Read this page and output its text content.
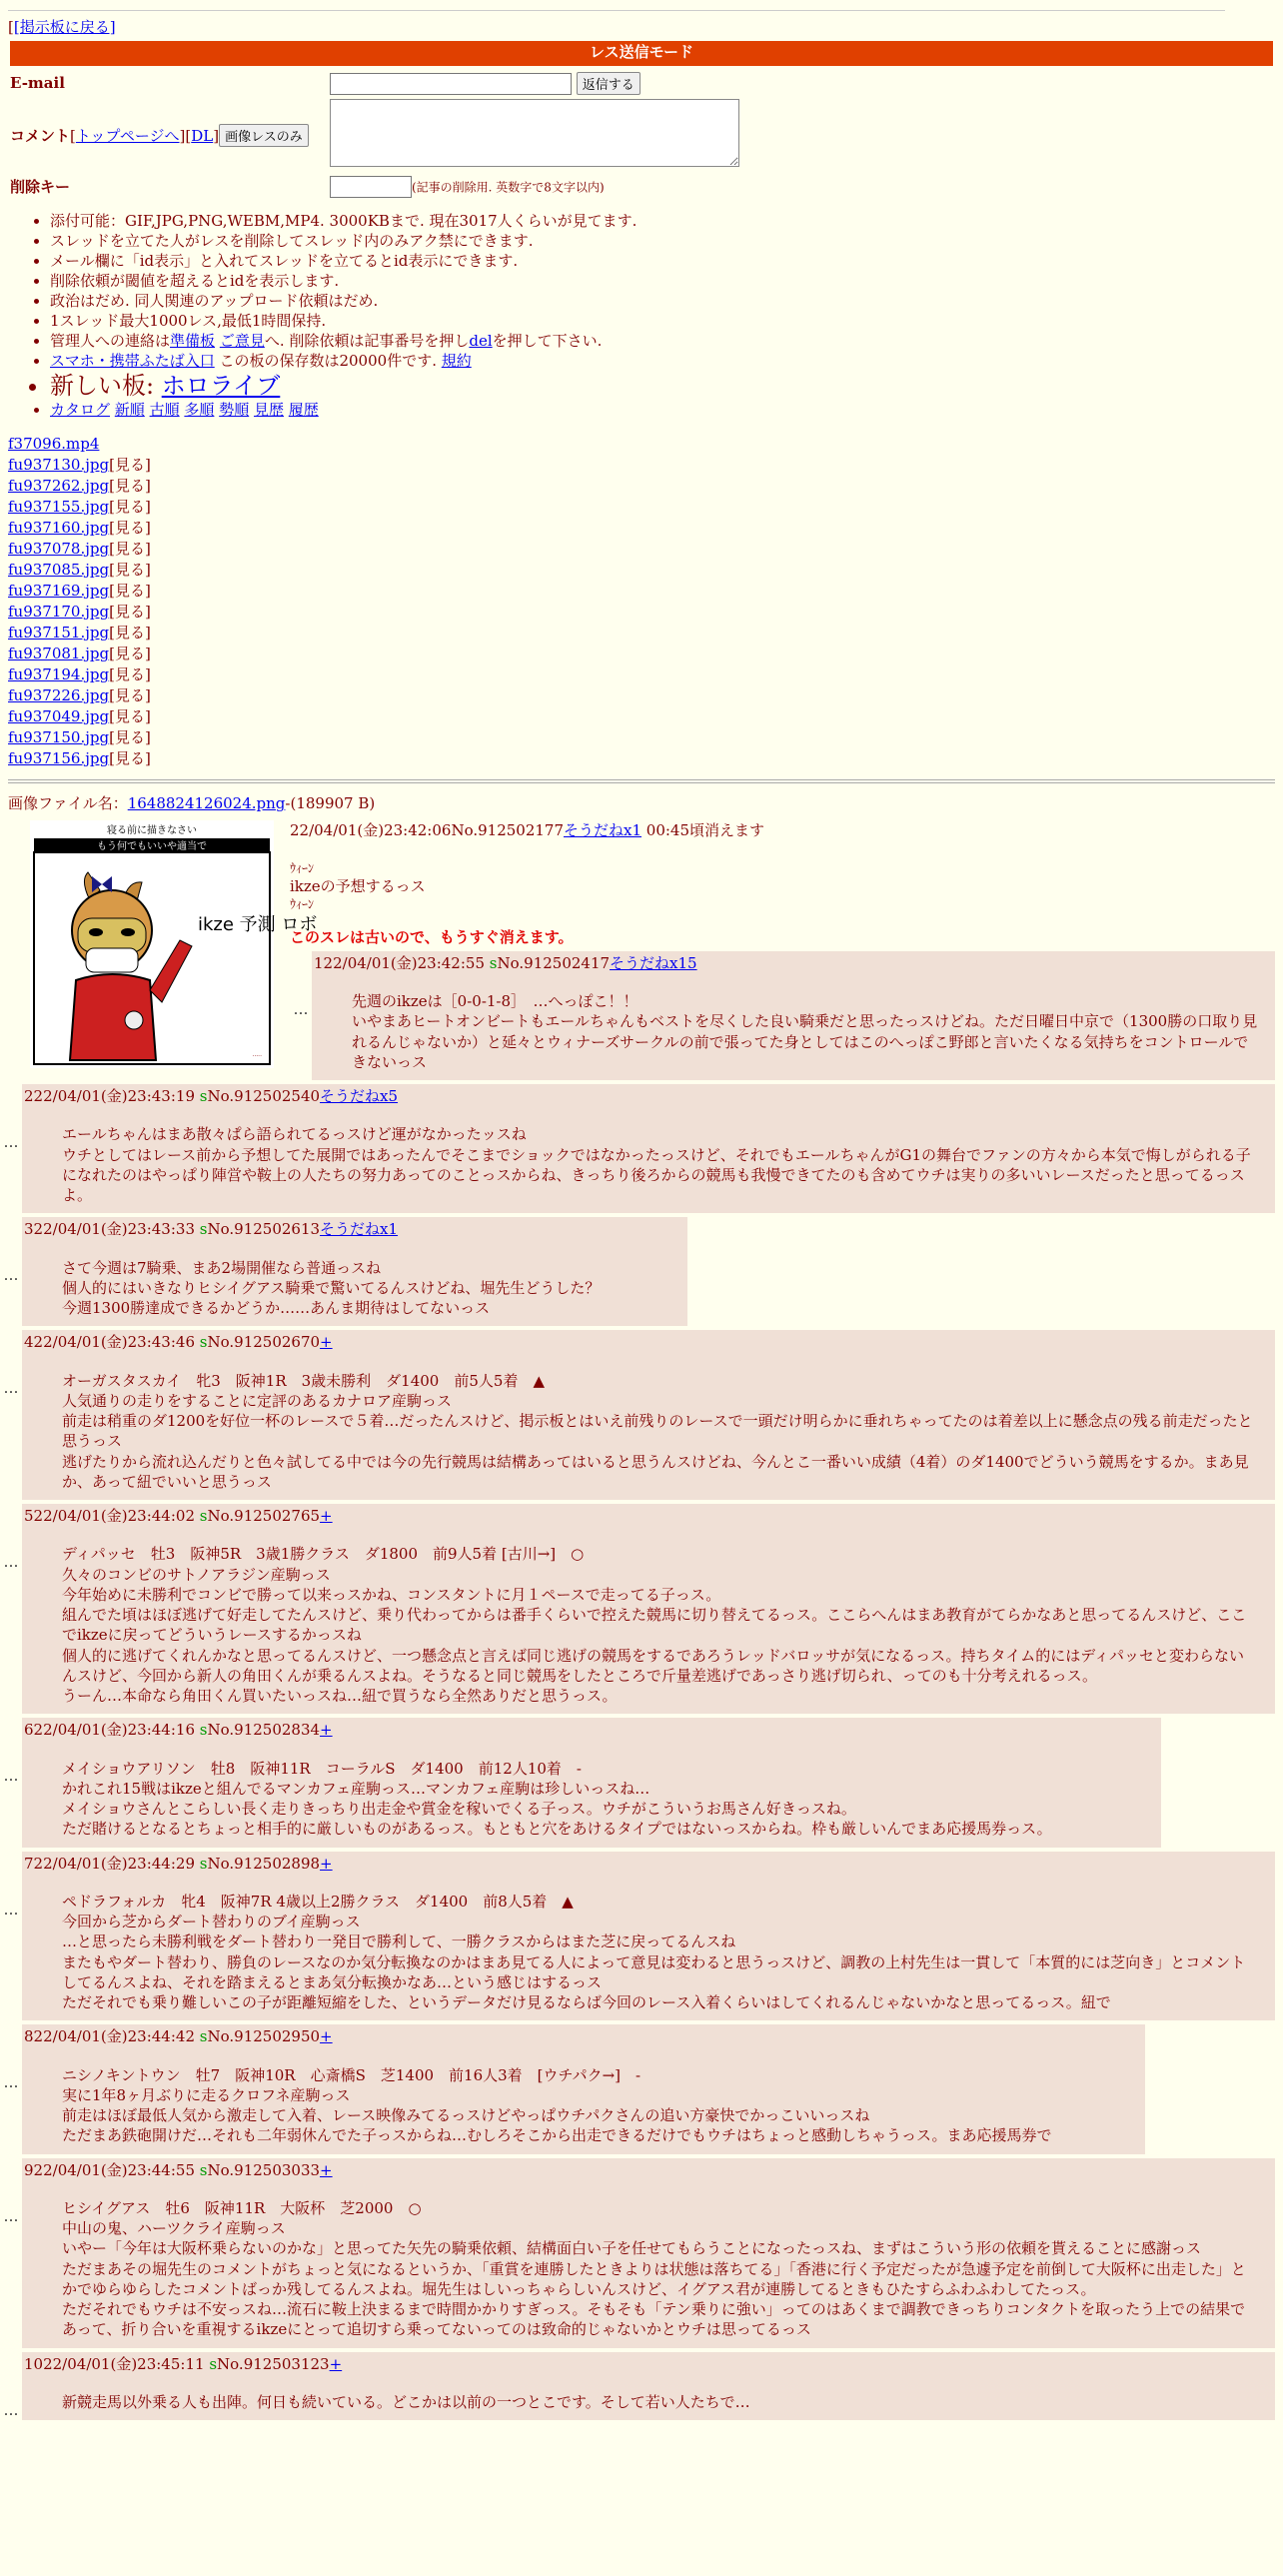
[[掲示板に戻る]
レス送信モード
E-mail	返信する
コメント[トップページへ][DL] 画像レスのみ	
削除キー	(記事の削除用. 英数字で8文字以内)
• 添付可能：GIF,JPG,PNG,WEBM,MP4. 3000KBまで. 現在3017人くらいが見てます.
• スレッドを立てた人がレスを削除してスレッド内のみアク禁にできます.
• メール欄に「id表示」と入れてスレッドを立てるとid表示にできます.
• 削除依頼が閾値を超えるとidを表示します.
• 政治はだめ. 同人関連のアップロード依頼はだめ.
• 1スレッド最大1000レス,最低1時間保持.
• 管理人への連絡は準備板 ご意見へ. 削除依頼は記事番号を押しdelを押して下さい.
• スマホ・携帯ふたば入口 この板の保存数は20000件です. 規約
• 新しい板: ホロライブ
• カタログ 新順 古順 多順 勢順 見歴 履歴
f37096.mp4
fu937130.jpg[見る]
fu937262.jpg[見る]
fu937155.jpg[見る]
fu937160.jpg[見る]
fu937078.jpg[見る]
fu937085.jpg[見る]
fu937169.jpg[見る]
fu937170.jpg[見る]
fu937151.jpg[見る]
fu937081.jpg[見る]
fu937194.jpg[見る]
fu937226.jpg[見る]
fu937049.jpg[見る]
fu937150.jpg[見る]
fu937156.jpg[見る]
画像ファイル名：1648824126024.png-(189907 B)
寝る前に描きなさい
もう何でもいいや適当で
ikze 予測 ロボ
·····
22/04/01(金)23:42:06No.912502177そうだねx1 00:45頃消えます
ｳｨｰﾝ
ikzeの予想するっス
ｳｨｰﾝ
このスレは古いので、もうすぐ消えます。
…
122/04/01(金)23:42:55 sNo.912502417そうだねx15
先週のikzeは［0-0-1-8］　…へっぽこ！！
いやまあヒートオンビートもエールちゃんもベストを尽くした良い騎乗だと思ったっスけどね。ただ日曜日中京で（1300勝の口取り見れるんじゃないか）と延々とウィナーズサークルの前で張ってた身としてはこのへっぽこ野郎と言いたくなる気持ちをコントロールできないっス
…
222/04/01(金)23:43:19 sNo.912502540そうだねx5
エールちゃんはまあ散々ぱら語られてるっスけど運がなかったッスね
ウチとしてはレース前から予想してた展開ではあったんでそこまでショックではなかったっスけど、それでもエールちゃんがG1の舞台でファンの方々から本気で悔しがられる子になれたのはやっぱり陣営や鞍上の人たちの努力あってのことっスからね、きっちり後ろからの競馬も我慢できてたのも含めてウチは実りの多いいレースだったと思ってるっスよ。
…
322/04/01(金)23:43:33 sNo.912502613そうだねx1
さて今週は7騎乗、まあ2場開催なら普通っスね
個人的にはいきなりヒシイグアス騎乗で驚いてるんスけどね、堀先生どうした？
今週1300勝達成できるかどうか……あんま期待はしてないっス
…
422/04/01(金)23:43:46 sNo.912502670+
オーガスタスカイ　牝3　阪神1R　3歳未勝利　ダ1400　前5人5着　▲
人気通りの走りをすることに定評のあるカナロア産駒っス
前走は稍重のダ1200を好位一杯のレースで５着…だったんスけど、掲示板とはいえ前残りのレースで一頭だけ明らかに垂れちゃってたのは着差以上に懸念点の残る前走だったと思うっス
逃げたりから流れ込んだりと色々試してる中では今の先行競馬は結構あってはいると思うんスけどね、今んとこ一番いい成績（4着）のダ1400でどういう競馬をするか。まあ見か、あって紐でいいと思うっス
…
522/04/01(金)23:44:02 sNo.912502765+
ディパッセ　牡3　阪神5R　3歳1勝クラス　ダ1800　前9人5着 [古川→]　○
久々のコンビのサトノアラジン産駒っス
今年始めに未勝利でコンビで勝って以来っスかね、コンスタントに月１ペースで走ってる子っス。
組んでた頃はほぼ逃げて好走してたんスけど、乗り代わってからは番手くらいで控えた競馬に切り替えてるっス。ここらへんはまあ教育がてらかなあと思ってるんスけど、ここでikzeに戻ってどういうレースするかっスね
個人的に逃げてくれんかなと思ってるんスけど、一つ懸念点と言えば同じ逃げの競馬をするであろうレッドバロッサが気になるっス。持ちタイム的にはディパッセと変わらないんスけど、今回から新人の角田くんが乗るんスよね。そうなると同じ競馬をしたところで斤量差逃げであっさり逃げ切られ、ってのも十分考えれるっス。
うーん…本命なら角田くん買いたいっスね…紐で買うなら全然ありだと思うっス。
…
622/04/01(金)23:44:16 sNo.912502834+
メイショウアリソン　牡8　阪神11R　コーラルS　ダ1400　前12人10着　-
かれこれ15戦はikzeと組んでるマンカフェ産駒っス…マンカフェ産駒は珍しいっスね…
メイショウさんとこらしい長く走りきっちり出走金や賞金を稼いでくる子っス。ウチがこういうお馬さん好きっスね。
ただ賭けるとなるとちょっと相手的に厳しいものがあるっス。もともと穴をあけるタイプではないっスからね。枠も厳しいんでまあ応援馬券っス。
…
722/04/01(金)23:44:29 sNo.912502898+
ペドラフォルカ　牝4　阪神7R 4歳以上2勝クラス　ダ1400　前8人5着　▲
今回から芝からダート替わりのブイ産駒っス
…と思ったら未勝利戦をダート替わり一発目で勝利して、一勝クラスからはまた芝に戻ってるんスね
またもやダート替わり、勝負のレースなのか気分転換なのかはまあ見てる人によって意見は変わると思うっスけど、調教の上村先生は一貫して「本質的には芝向き」とコメントしてるんスよね、それを踏まえるとまあ気分転換かなあ…という感じはするっス
ただそれでも乗り難しいこの子が距離短縮をした、というデータだけ見るならば今回のレース入着くらいはしてくれるんじゃないかなと思ってるっス。紐で
…
822/04/01(金)23:44:42 sNo.912502950+
ニシノキントウン　牡7　阪神10R　心斎橋S　芝1400　前16人3着　[ウチパク→]　-
実に1年8ヶ月ぶりに走るクロフネ産駒っス
前走はほぼ最低人気から激走して入着、レース映像みてるっスけどやっぱウチパクさんの追い方豪快でかっこいいっスね
ただまあ鉄砲開けだ…それも二年弱休んでた子っスからね…むしろそこから出走できるだけでもウチはちょっと感動しちゃうっス。まあ応援馬券で
…
922/04/01(金)23:44:55 sNo.912503033+
ヒシイグアス　牡6　阪神11R　大阪杯　芝2000　○
中山の鬼、ハーツクライ産駒っス
いやー「今年は大阪杯乗らないのかな」と思ってた矢先の騎乗依頼、結構面白い子を任せてもらうことになったっスね、まずはこういう形の依頼を貰えることに感謝っス
ただまあその堀先生のコメントがちょっと気になるというか、「重賞を連勝したときよりは状態は落ちてる」「香港に行く予定だったが急遽予定を前倒して大阪杯に出走した」とかでゆらゆらしたコメントばっか残してるんスよね。堀先生はしいっちゃらしいんスけど、イグアス君が連勝してるときもひたすらふわふわしてたっス。
ただそれでもウチは不安っスね…流石に鞍上決まるまで時間かかりすぎっス。そもそも「テン乗りに強い」ってのはあくまで調教できっちりコンタクトを取ったう上での結果であって、折り合いを重視するikzeにとって追切すら乗ってないってのは致命的じゃないかとウチは思ってるっス
…
1022/04/01(金)23:45:11 sNo.912503123+
新競走馬以外乗る人も出陣。何日も続いている。どこかは以前の一つとこです。そして若い人たちで…
